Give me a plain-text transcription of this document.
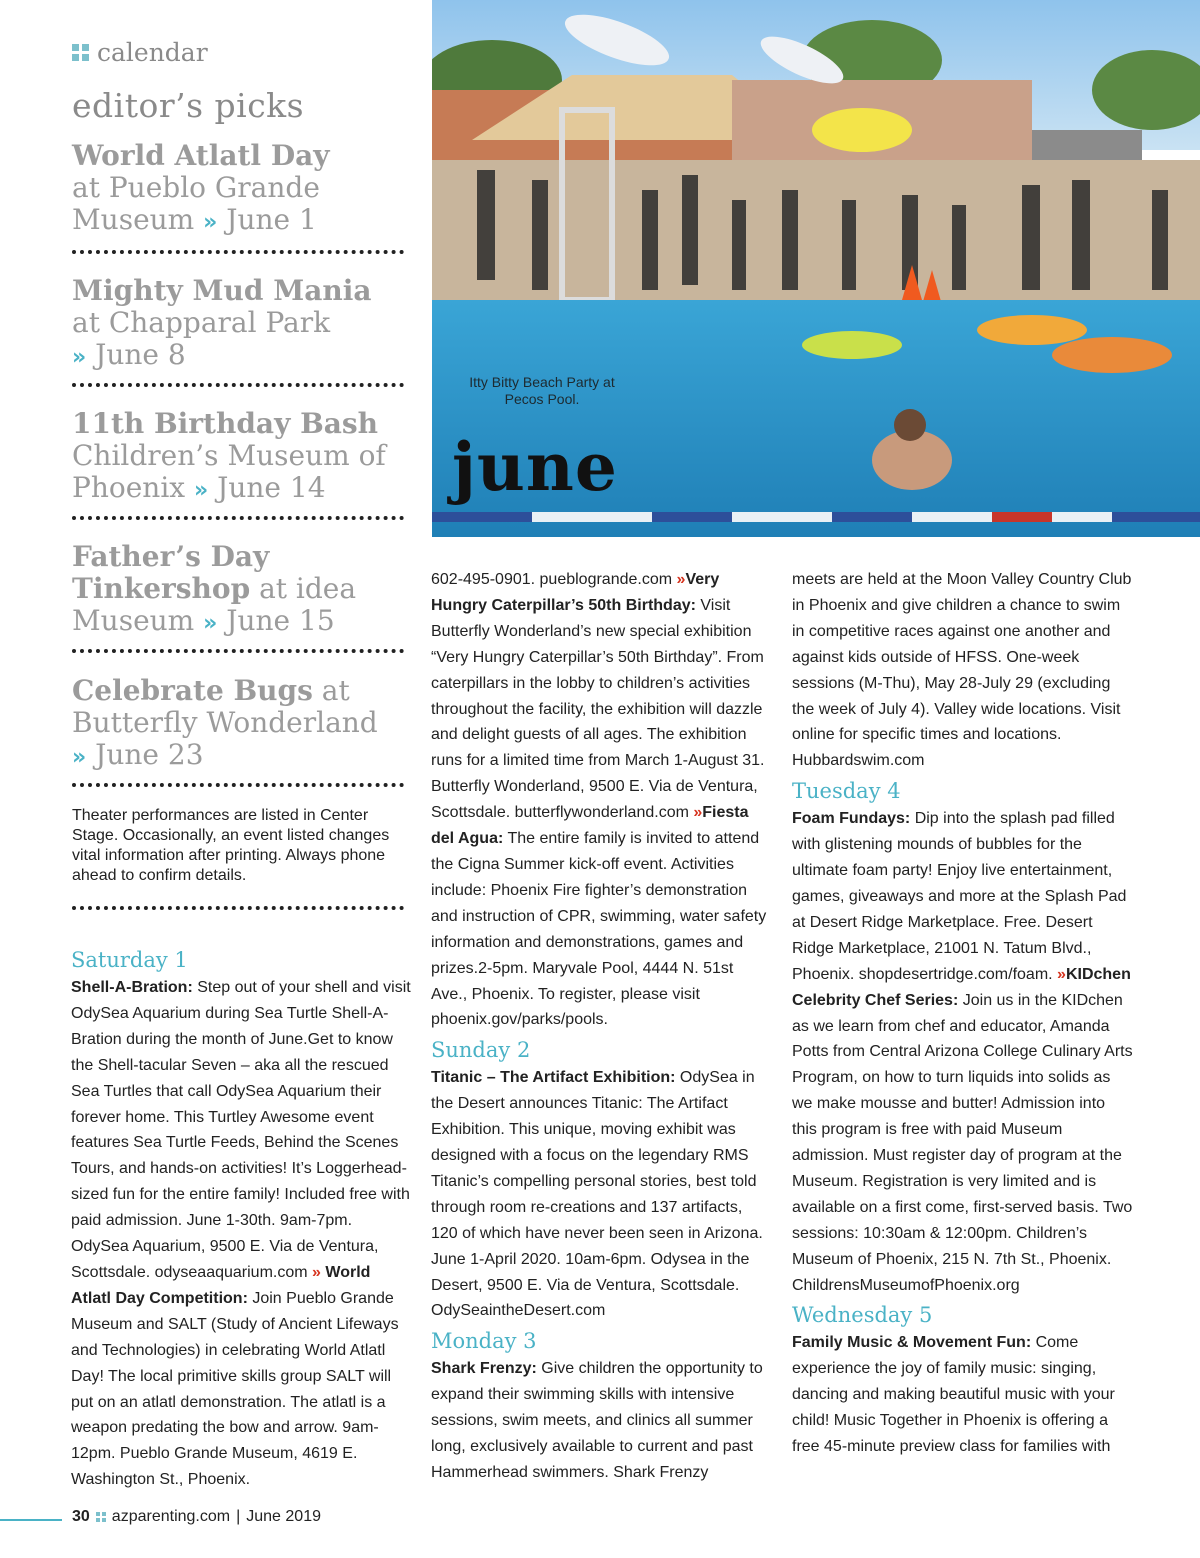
calendar
editor’s picks
World Atlatl Day
at Pueblo Grande Museum » June 1
Mighty Mud Mania
at Chapparal Park
» June 8
11th Birthday Bash
Children’s Museum of Phoenix » June 14
Father’s Day Tinkershop at idea Museum » June 15
Celebrate Bugs at Butterfly Wonderland
» June 23

Theater performances are listed in Center Stage. Occasionally, an event listed changes vital information after printing. Always phone ahead to confirm details.

Itty Bitty Beach Party at Pecos Pool.
june

Saturday 1

Shell-A-Bration: Step out of your shell and visit OdySea Aquarium during Sea Turtle Shell-A-Bration during the month of June.Get to know the Shell-tacular Seven – aka all the rescued Sea Turtles that call OdySea Aquarium their forever home. This Turtley Awesome event features Sea Turtle Feeds, Behind the Scenes Tours, and hands-on activities! It’s Loggerhead-sized fun for the entire family! Included free with paid admission. June 1-30th. 9am-7pm. OdySea Aquarium, 9500 E. Via de Ventura, Scottsdale. odyseaaquarium.com » World Atlatl Day Competition: Join Pueblo Grande Museum and SALT (Study of Ancient Lifeways and Technologies) in celebrating World Atlatl Day! The local primitive skills group SALT will put on an atlatl demonstration. The atlatl is a weapon predating the bow and arrow. 9am-12pm. Pueblo Grande Museum, 4619 E. Washington St., Phoenix.

602-495-0901. pueblogrande.com »Very Hungry Caterpillar’s 50th Birthday: Visit Butterfly Wonderland’s new special exhibition “Very Hungry Caterpillar’s 50th Birthday”. From caterpillars in the lobby to children’s activities throughout the facility, the exhibition will dazzle and delight guests of all ages. The exhibition runs for a limited time from March 1-August 31. Butterfly Wonderland, 9500 E. Via de Ventura, Scottsdale. butterflywonderland.com »Fiesta del Agua: The entire family is invited to attend the Cigna Summer kick-off event. Activities include: Phoenix Fire fighter’s demonstration and instruction of CPR, swimming, water safety information and demonstrations, games and prizes.2-5pm. Maryvale Pool, 4444 N. 51st Ave., Phoenix. To register, please visit phoenix.gov/parks/pools.

Sunday 2

Titanic – The Artifact Exhibition: OdySea in the Desert announces Titanic: The Artifact Exhibition. This unique, moving exhibit was designed with a focus on the legendary RMS Titanic’s compelling personal stories, best told through room re-creations and 137 artifacts, 120 of which have never been seen in Arizona. June 1-April 2020. 10am-6pm. Odysea in the Desert, 9500 E. Via de Ventura, Scottsdale. OdySeaintheDesert.com

Monday 3

Shark Frenzy: Give children the opportunity to expand their swimming skills with intensive sessions, swim meets, and clinics all summer long, exclusively available to current and past Hammerhead swimmers. Shark Frenzy

meets are held at the Moon Valley Country Club in Phoenix and give children a chance to swim in competitive races against one another and against kids outside of HFSS. One-week sessions (M-Thu), May 28-July 29 (excluding the week of July 4). Valley wide locations. Visit online for specific times and locations. Hubbardswim.com

Tuesday 4

Foam Fundays: Dip into the splash pad filled with glistening mounds of bubbles for the ultimate foam party! Enjoy live entertainment, games, giveaways and more at the Splash Pad at Desert Ridge Marketplace. Free. Desert Ridge Marketplace, 21001 N. Tatum Blvd., Phoenix. shopdesertridge.com/foam. »KIDchen Celebrity Chef Series: Join us in the KIDchen as we learn from chef and educator, Amanda Potts from Central Arizona College Culinary Arts Program, on how to turn liquids into solids as we make mousse and butter! Admission into this program is free with paid Museum admission. Must register day of program at the Museum. Registration is very limited and is available on a first come, first-served basis. Two sessions: 10:30am & 12:00pm. Children’s Museum of Phoenix, 215 N. 7th St., Phoenix. ChildrensMuseumofPhoenix.org

Wednesday 5

Family Music & Movement Fun: Come experience the joy of family music: singing, dancing and making beautiful music with your child! Music Together in Phoenix is offering a free 45-minute preview class for families with

30 azparenting.com | June 2019
